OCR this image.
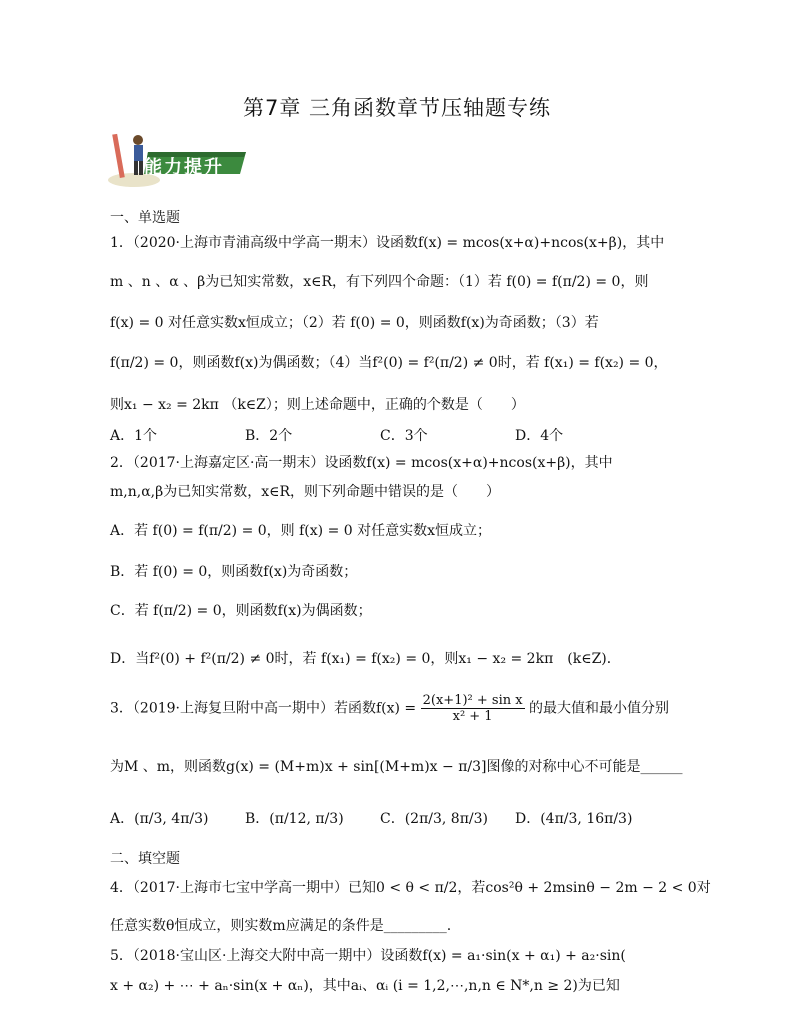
第7章 三角函数章节压轴题专练
能力提升
一、单选题
1．（2020·上海市青浦高级中学高一期末）设函数f(x) = mcos(x+α)+ncos(x+β)，其中
m 、n 、α 、β为已知实常数，x∈R，有下列四个命题：（1）若 f(0) = f(π/2) = 0，则
f(x) = 0 对任意实数x恒成立；（2）若 f(0) = 0，则函数f(x)为奇函数；（3）若
f(π/2) = 0，则函数f(x)为偶函数；（4）当f²(0) = f²(π/2) ≠ 0时，若 f(x₁) = f(x₂) = 0，
则x₁ − x₂ = 2kπ （k∈Z）；则上述命题中，正确的个数是（　　）
A．1个	B．2个	C．3个	D．4个
2．（2017·上海嘉定区·高一期末）设函数f(x) = mcos(x+α)+ncos(x+β)，其中
m,n,α,β为已知实常数，x∈R，则下列命题中错误的是（　　）
A．若 f(0) = f(π/2) = 0，则 f(x) = 0 对任意实数x恒成立；
B．若 f(0) = 0，则函数f(x)为奇函数；
C．若 f(π/2) = 0，则函数f(x)为偶函数；
D．当f²(0) + f²(π/2) ≠ 0时，若 f(x₁) = f(x₂) = 0，则x₁ − x₂ = 2kπ　(k∈Z)．
3．（2019·上海复旦附中高一期中）若函数$f(x) = \frac{\text{2(x+1)² + sin x}}{\text{x² + 1}}$ 的最大值和最小值分别
为M 、m，则函数g(x) = (M+m)x + sin[(M+m)x − π/3]图像的对称中心不可能是______
A．(π/3, 4π/3)	B．(π/12, π/3)	C．(2π/3, 8π/3) D．(4π/3, 16π/3)
二、填空题
4．（2017·上海市七宝中学高一期中）已知0 < θ < π/2，若cos²θ + 2msinθ − 2m − 2 < 0对
任意实数θ恒成立，则实数m应满足的条件是_________.
5．（2018·宝山区·上海交大附中高一期中）设函数f(x) = a₁·sin(x + α₁) + a₂·sin(
x + α₂) + ⋯ + aₙ·sin(x + αₙ)，其中aᵢ、αᵢ (i = 1,2,⋯,n,n ∈ N*,n ≥ 2)为已知
